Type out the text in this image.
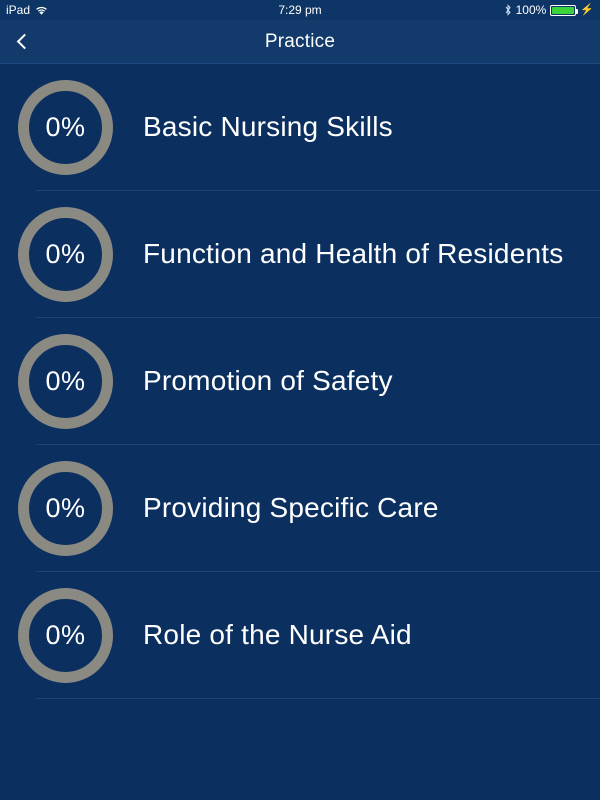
iPad	7:29 pm	100%	⚡
Practice
0% Basic Nursing Skills
0% Function and Health of Residents
0% Promotion of Safety
0% Providing Specific Care
0% Role of the Nurse Aid
